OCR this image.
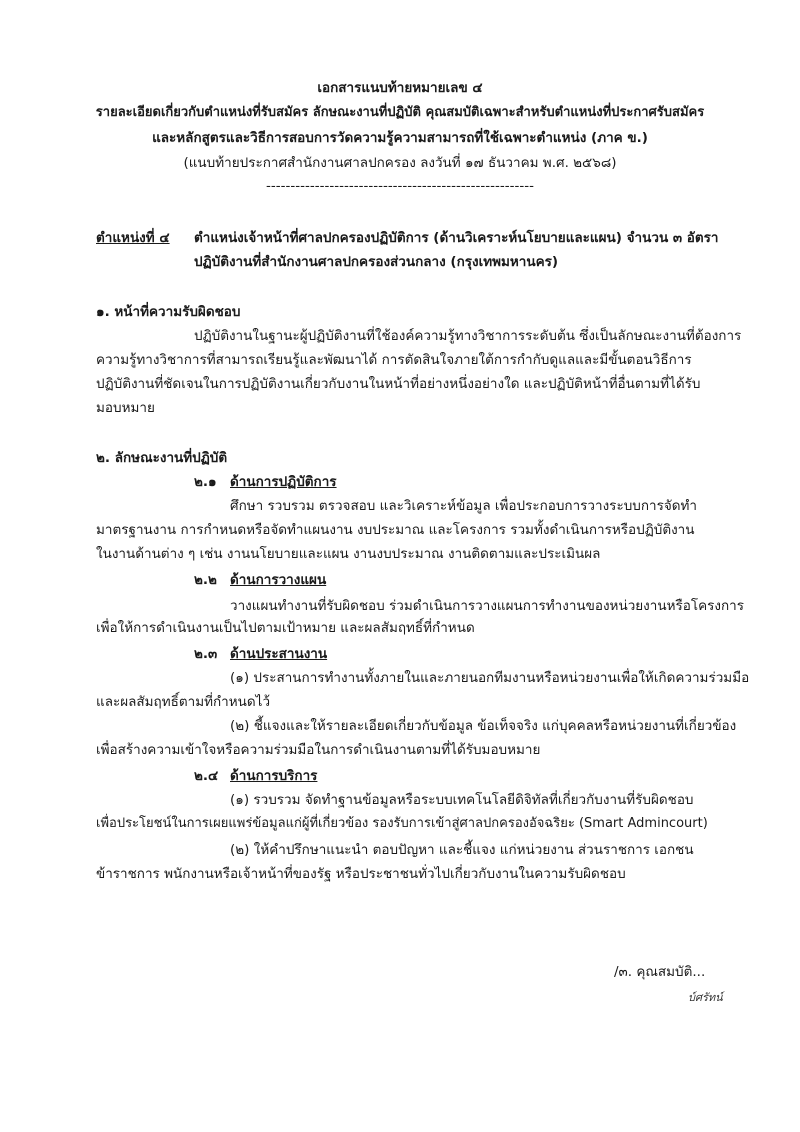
เอกสารแนบท้ายหมายเลข ๔
รายละเอียดเกี่ยวกับตำแหน่งที่รับสมัคร ลักษณะงานที่ปฏิบัติ คุณสมบัติเฉพาะสำหรับตำแหน่งที่ประกาศรับสมัคร
และหลักสูตรและวิธีการสอบการวัดความรู้ความสามารถที่ใช้เฉพาะตำแหน่ง (ภาค ข.)
(แนบท้ายประกาศสำนักงานศาลปกครอง ลงวันที่ ๑๗ ธันวาคม พ.ศ. ๒๕๖๘)
-------------------------------------------------------
ตำแหน่งที่ ๔ ตำแหน่งเจ้าหน้าที่ศาลปกครองปฏิบัติการ (ด้านวิเคราะห์นโยบายและแผน) จำนวน ๓ อัตรา
ปฏิบัติงานที่สำนักงานศาลปกครองส่วนกลาง (กรุงเทพมหานคร)
๑. หน้าที่ความรับผิดชอบ
ปฏิบัติงานในฐานะผู้ปฏิบัติงานที่ใช้องค์ความรู้ทางวิชาการระดับต้น ซึ่งเป็นลักษณะงานที่ต้องการ
ความรู้ทางวิชาการที่สามารถเรียนรู้และพัฒนาได้ การตัดสินใจภายใต้การกำกับดูแลและมีขั้นตอนวิธีการ
ปฏิบัติงานที่ชัดเจนในการปฏิบัติงานเกี่ยวกับงานในหน้าที่อย่างหนึ่งอย่างใด และปฏิบัติหน้าที่อื่นตามที่ได้รับ
มอบหมาย
๒. ลักษณะงานที่ปฏิบัติ
๒.๑ ด้านการปฏิบัติการ
ศึกษา รวบรวม ตรวจสอบ และวิเคราะห์ข้อมูล เพื่อประกอบการวางระบบการจัดทำ
มาตรฐานงาน การกำหนดหรือจัดทำแผนงาน งบประมาณ และโครงการ รวมทั้งดำเนินการหรือปฏิบัติงาน
ในงานด้านต่าง ๆ เช่น งานนโยบายและแผน งานงบประมาณ งานติดตามและประเมินผล
๒.๒ ด้านการวางแผน
วางแผนทำงานที่รับผิดชอบ ร่วมดำเนินการวางแผนการทำงานของหน่วยงานหรือโครงการ
เพื่อให้การดำเนินงานเป็นไปตามเป้าหมาย และผลสัมฤทธิ์ที่กำหนด
๒.๓ ด้านประสานงาน
(๑) ประสานการทำงานทั้งภายในและภายนอกทีมงานหรือหน่วยงานเพื่อให้เกิดความร่วมมือ
และผลสัมฤทธิ์ตามที่กำหนดไว้
(๒) ชี้แจงและให้รายละเอียดเกี่ยวกับข้อมูล ข้อเท็จจริง แก่บุคคลหรือหน่วยงานที่เกี่ยวข้อง
เพื่อสร้างความเข้าใจหรือความร่วมมือในการดำเนินงานตามที่ได้รับมอบหมาย
๒.๔ ด้านการบริการ
(๑) รวบรวม จัดทำฐานข้อมูลหรือระบบเทคโนโลยีดิจิทัลที่เกี่ยวกับงานที่รับผิดชอบ
เพื่อประโยชน์ในการเผยแพร่ข้อมูลแก่ผู้ที่เกี่ยวข้อง รองรับการเข้าสู่ศาลปกครองอัจฉริยะ (Smart Admincourt)
(๒) ให้คำปรึกษาแนะนำ ตอบปัญหา และชี้แจง แก่หน่วยงาน ส่วนราชการ เอกชน
ข้าราชการ พนักงานหรือเจ้าหน้าที่ของรัฐ หรือประชาชนทั่วไปเกี่ยวกับงานในความรับผิดชอบ
/๓. คุณสมบัติ...
บ์ศรัทน์
